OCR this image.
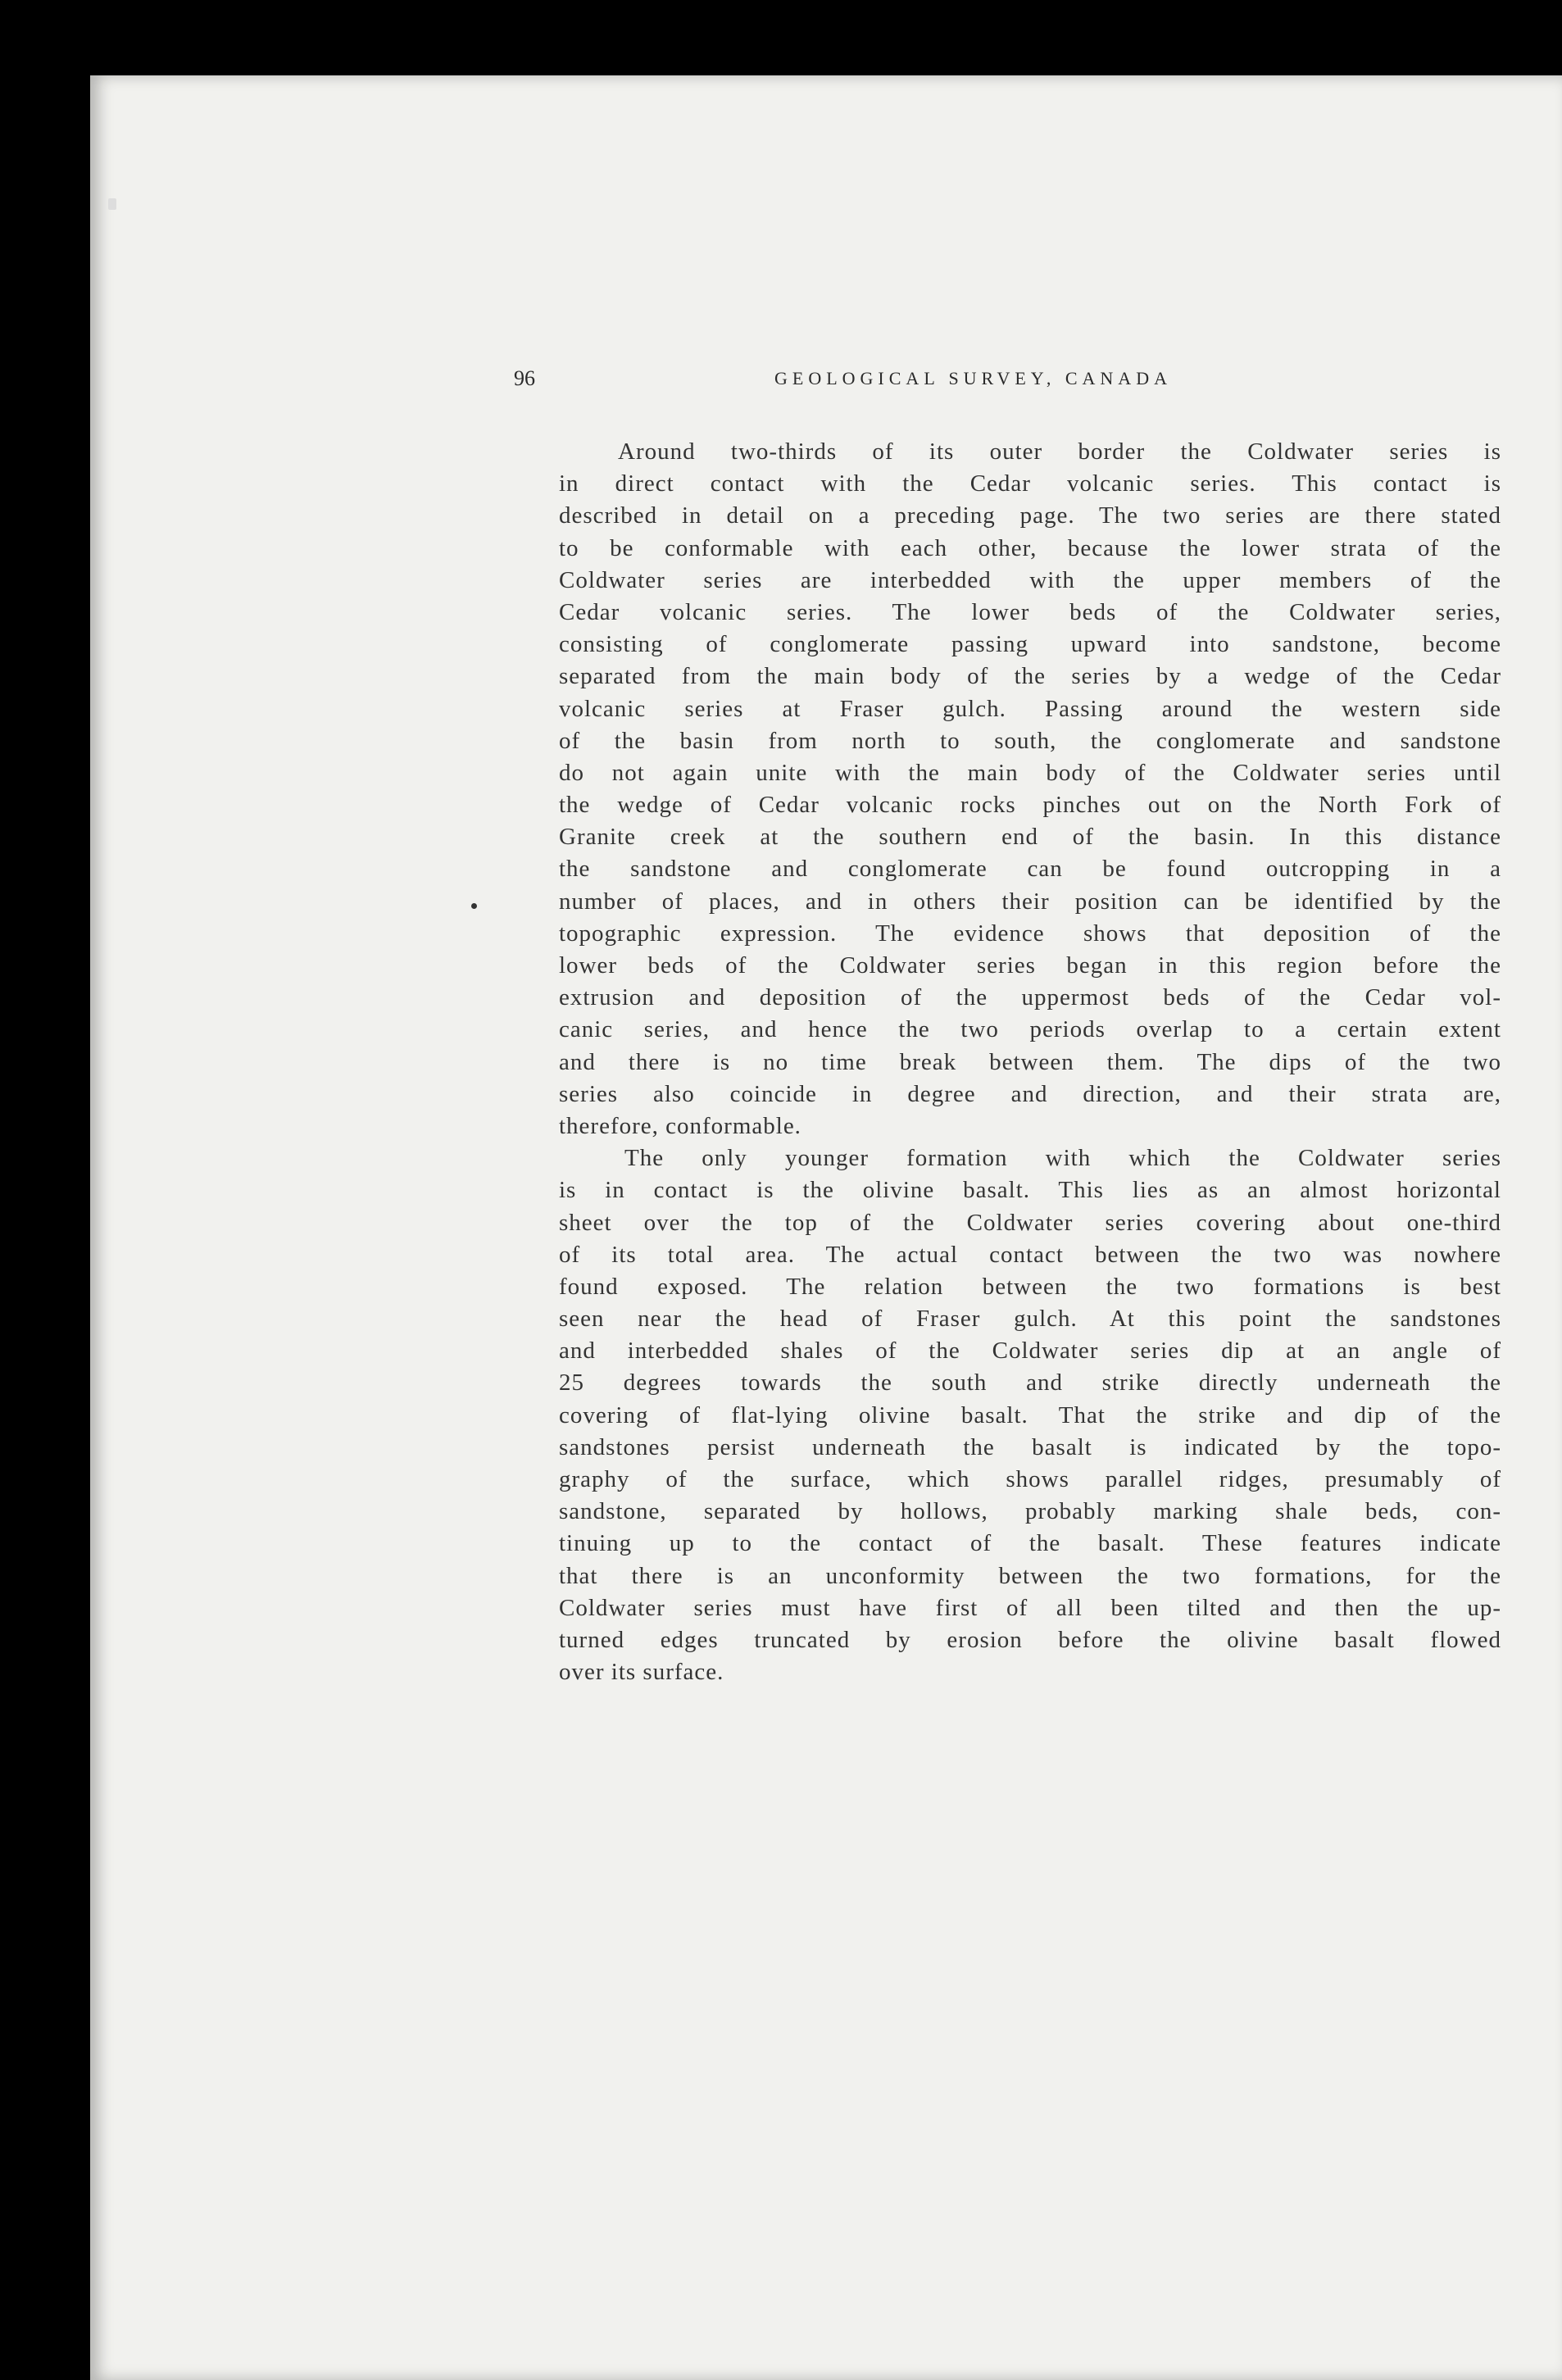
96	GEOLOGICAL SURVEY, CANADA
Around two-thirds of its outer border the Coldwater series is
in direct contact with the Cedar volcanic series. This contact is
described in detail on a preceding page. The two series are there stated
to be conformable with each other, because the lower strata of the
Coldwater series are interbedded with the upper members of the
Cedar volcanic series. The lower beds of the Coldwater series,
consisting of conglomerate passing upward into sandstone, become
separated from the main body of the series by a wedge of the Cedar
volcanic series at Fraser gulch. Passing around the western side
of the basin from north to south, the conglomerate and sandstone
do not again unite with the main body of the Coldwater series until
the wedge of Cedar volcanic rocks pinches out on the North Fork of
Granite creek at the southern end of the basin. In this distance
the sandstone and conglomerate can be found outcropping in a
number of places, and in others their position can be identified by the
topographic expression. The evidence shows that deposition of the
lower beds of the Coldwater series began in this region before the
extrusion and deposition of the uppermost beds of the Cedar vol-
canic series, and hence the two periods overlap to a certain extent
and there is no time break between them. The dips of the two
series also coincide in degree and direction, and their strata are,
therefore, conformable.
The only younger formation with which the Coldwater series
is in contact is the olivine basalt. This lies as an almost horizontal
sheet over the top of the Coldwater series covering about one-third
of its total area. The actual contact between the two was nowhere
found exposed. The relation between the two formations is best
seen near the head of Fraser gulch. At this point the sandstones
and interbedded shales of the Coldwater series dip at an angle of
25 degrees towards the south and strike directly underneath the
covering of flat-lying olivine basalt. That the strike and dip of the
sandstones persist underneath the basalt is indicated by the topo-
graphy of the surface, which shows parallel ridges, presumably of
sandstone, separated by hollows, probably marking shale beds, con-
tinuing up to the contact of the basalt. These features indicate
that there is an unconformity between the two formations, for the
Coldwater series must have first of all been tilted and then the up-
turned edges truncated by erosion before the olivine basalt flowed
over its surface.
